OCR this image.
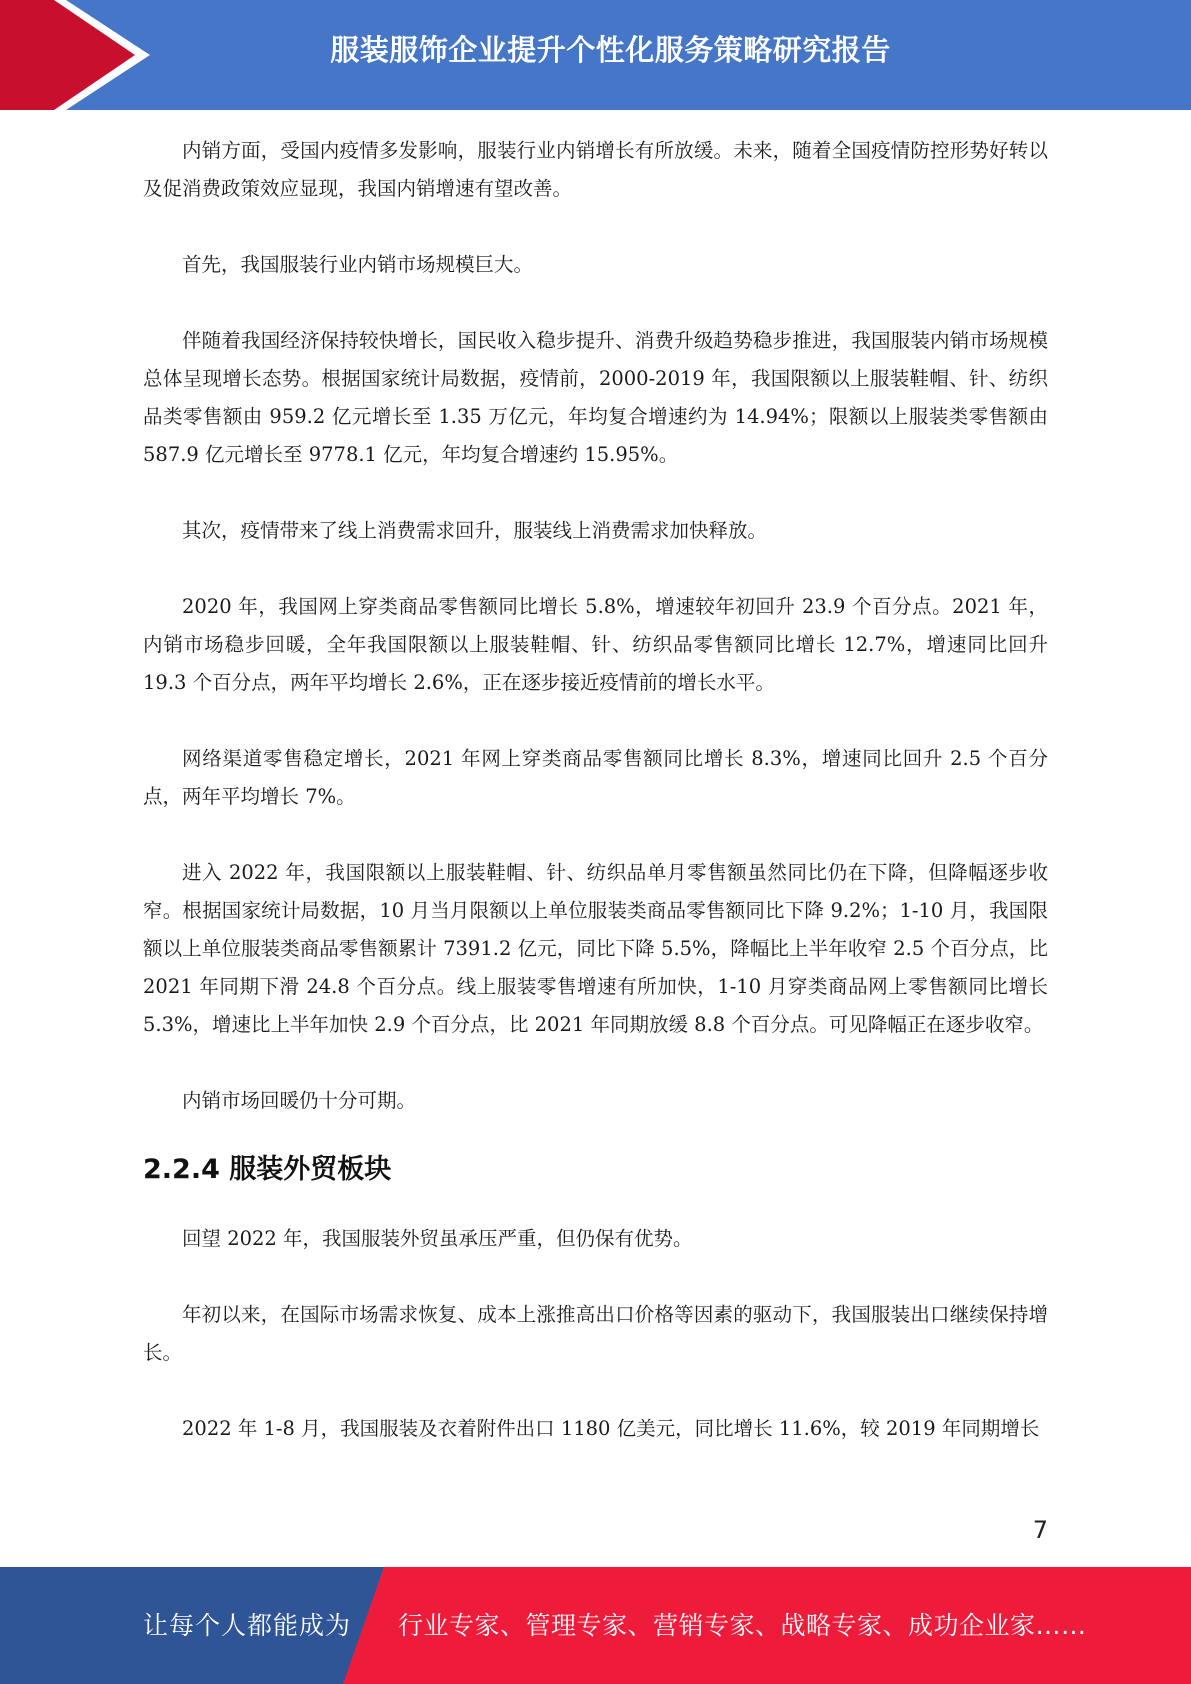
服装服饰企业提升个性化服务策略研究报告

内销方面，受国内疫情多发影响，服装行业内销增长有所放缓。未来，随着全国疫情防控形势好转以及促消费政策效应显现，我国内销增速有望改善。

首先，我国服装行业内销市场规模巨大。

伴随着我国经济保持较快增长，国民收入稳步提升、消费升级趋势稳步推进，我国服装内销市场规模总体呈现增长态势。根据国家统计局数据，疫情前，2000-2019 年，我国限额以上服装鞋帽、针、纺织品类零售额由 959.2 亿元增长至 1.35 万亿元，年均复合增速约为 14.94%；限额以上服装类零售额由 587.9 亿元增长至 9778.1 亿元，年均复合增速约 15.95%。

其次，疫情带来了线上消费需求回升，服装线上消费需求加快释放。

2020 年，我国网上穿类商品零售额同比增长 5.8%，增速较年初回升 23.9 个百分点。2021 年，内销市场稳步回暖，全年我国限额以上服装鞋帽、针、纺织品零售额同比增长 12.7%，增速同比回升 19.3 个百分点，两年平均增长 2.6%，正在逐步接近疫情前的增长水平。

网络渠道零售稳定增长，2021 年网上穿类商品零售额同比增长 8.3%，增速同比回升 2.5 个百分点，两年平均增长 7%。

进入 2022 年，我国限额以上服装鞋帽、针、纺织品单月零售额虽然同比仍在下降，但降幅逐步收窄。根据国家统计局数据，10 月当月限额以上单位服装类商品零售额同比下降 9.2%；1-10 月，我国限额以上单位服装类商品零售额累计 7391.2 亿元，同比下降 5.5%，降幅比上半年收窄 2.5 个百分点，比 2021 年同期下滑 24.8 个百分点。线上服装零售增速有所加快，1-10 月穿类商品网上零售额同比增长 5.3%，增速比上半年加快 2.9 个百分点，比 2021 年同期放缓 8.8 个百分点。可见降幅正在逐步收窄。

内销市场回暖仍十分可期。

2.2.4 服装外贸板块

回望 2022 年，我国服装外贸虽承压严重，但仍保有优势。

年初以来，在国际市场需求恢复、成本上涨推高出口价格等因素的驱动下，我国服装出口继续保持增长。

2022 年 1-8 月，我国服装及衣着附件出口 1180 亿美元，同比增长 11.6%，较 2019 年同期增长

7
让每个人都能成为 行业专家、管理专家、营销专家、战略专家、成功企业家……
